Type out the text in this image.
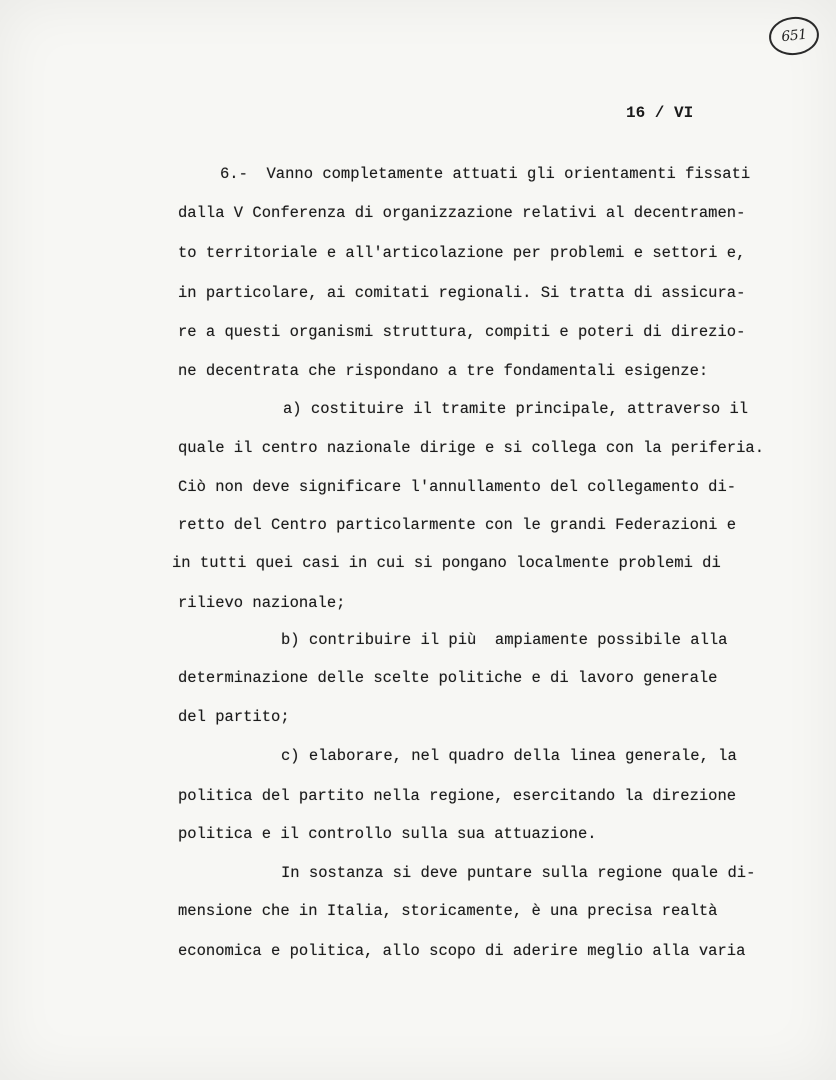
651
16 / VI
6.-  Vanno completamente attuati gli orientamenti fissati
dalla V Conferenza di organizzazione relativi al decentramen-
to territoriale e all'articolazione per problemi e settori e,
in particolare, ai comitati regionali. Si tratta di assicura-
re a questi organismi struttura, compiti e poteri di direzio-
ne decentrata che rispondano a tre fondamentali esigenze:
a) costituire il tramite principale, attraverso il
quale il centro nazionale dirige e si collega con la periferia.
Ciò non deve significare l'annullamento del collegamento di-
retto del Centro particolarmente con le grandi Federazioni e
in tutti quei casi in cui si pongano localmente problemi di
rilievo nazionale;
b) contribuire il più  ampiamente possibile alla
determinazione delle scelte politiche e di lavoro generale
del partito;
c) elaborare, nel quadro della linea generale, la
politica del partito nella regione, esercitando la direzione
politica e il controllo sulla sua attuazione.
In sostanza si deve puntare sulla regione quale di-
mensione che in Italia, storicamente, è una precisa realtà
economica e politica, allo scopo di aderire meglio alla varia
